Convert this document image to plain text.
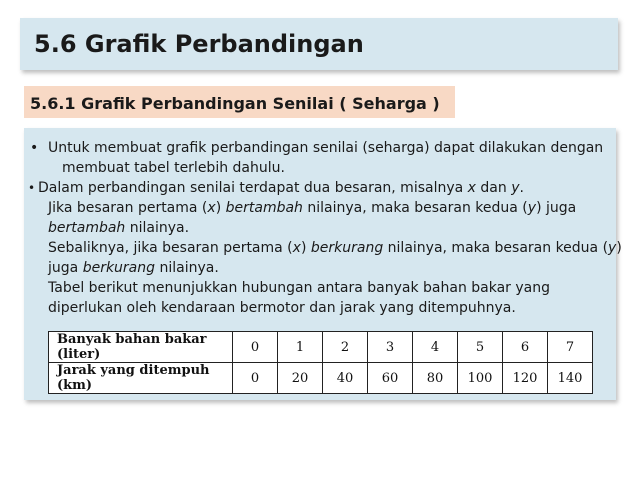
5.6 Grafik Perbandingan
5.6.1 Grafik Perbandingan Senilai ( Seharga )
• Untuk membuat grafik perbandingan senilai (seharga) dapat dilakukan dengan
membuat tabel terlebih dahulu.
• Dalam perbandingan senilai terdapat dua besaran, misalnya x dan y.
Jika besaran pertama (x) bertambah nilainya, maka besaran kedua (y) juga
bertambah nilainya.
Sebaliknya, jika besaran pertama (x) berkurang nilainya, maka besaran kedua (y)
juga berkurang nilainya.
Tabel berikut menunjukkan hubungan antara banyak bahan bakar yang
diperlukan oleh kendaraan bermotor dan jarak yang ditempuhnya.
Banyak bahan bakar (liter)	0	1	2	3	4	5	6	7
Jarak yang ditempuh (km)	0	20	40	60	80	100	120	140
